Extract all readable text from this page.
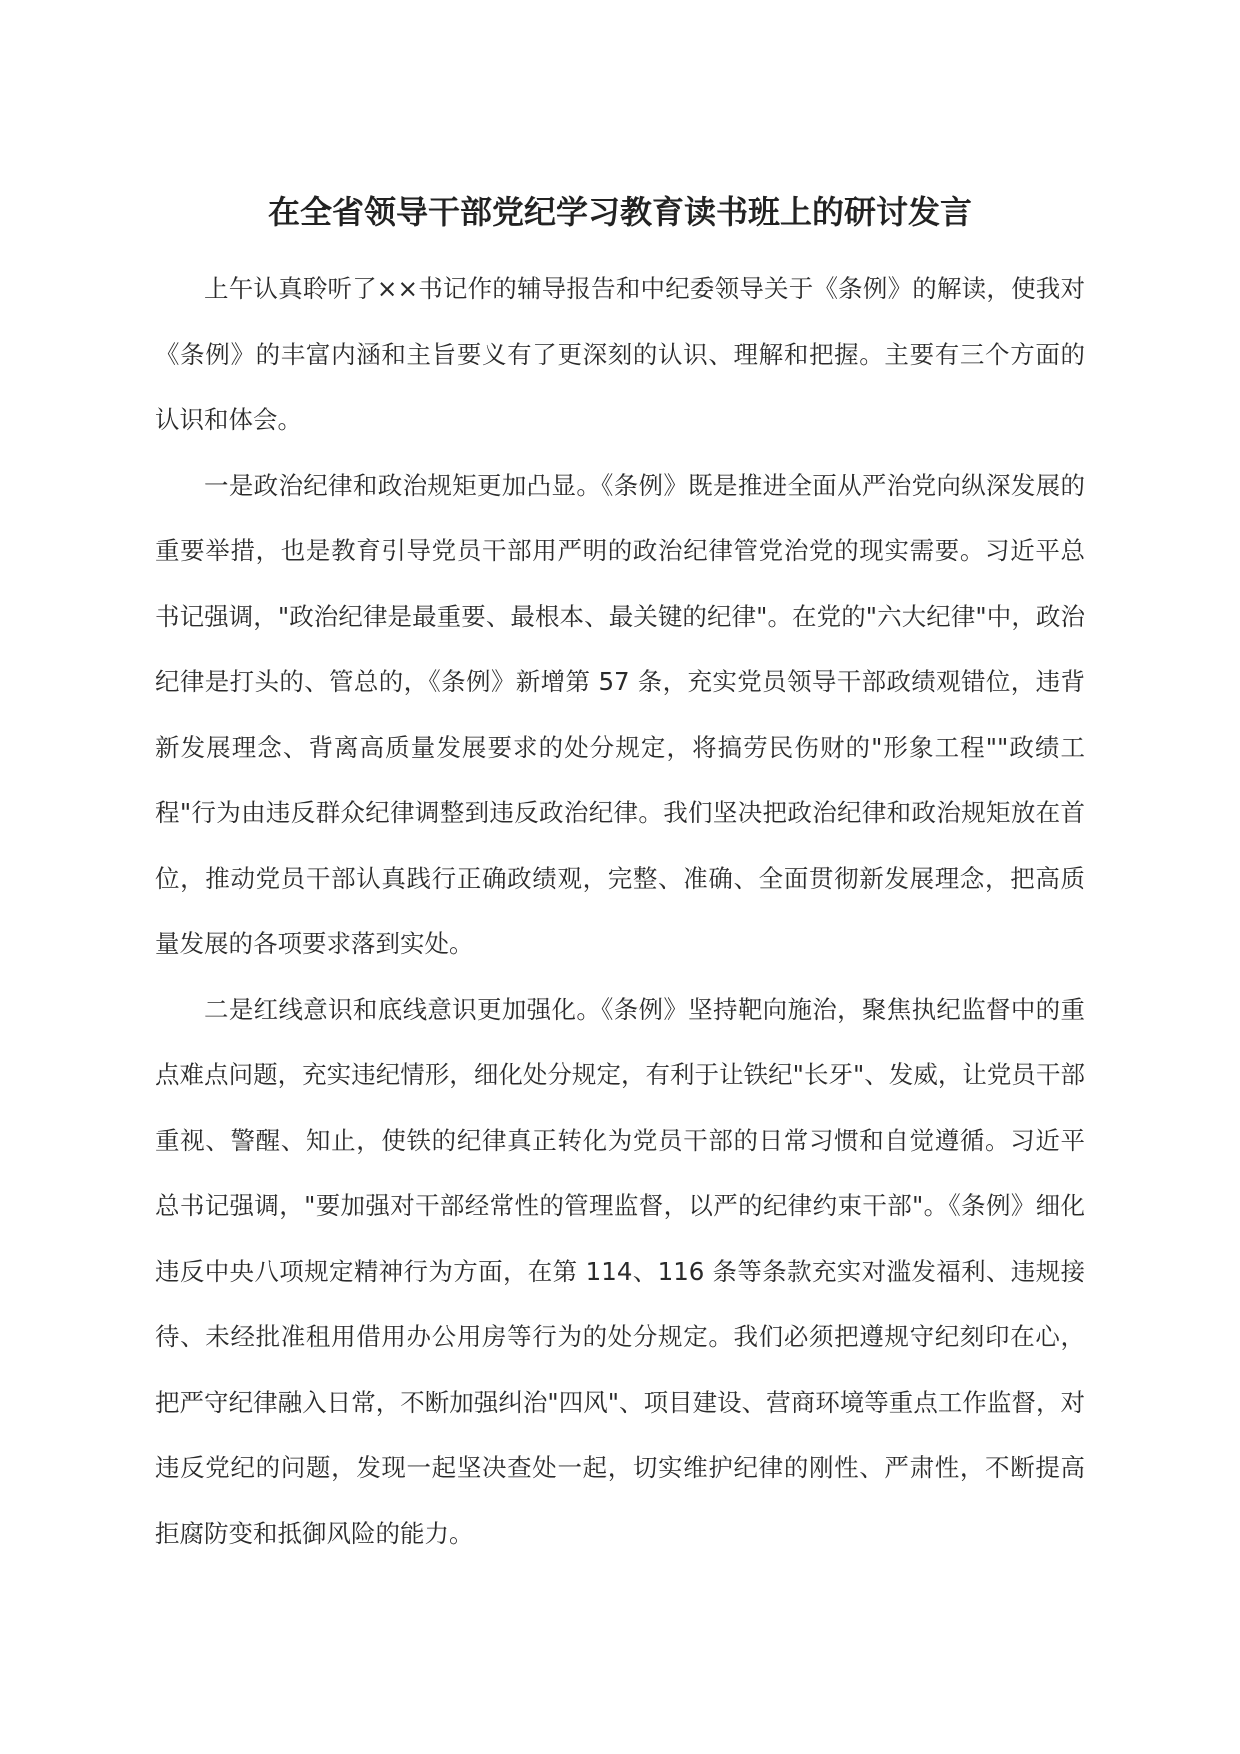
在全省领导干部党纪学习教育读书班上的研讨发言

上午认真聆听了××书记作的辅导报告和中纪委领导关于《条例》的解读，使我对《条例》的丰富内涵和主旨要义有了更深刻的认识、理解和把握。主要有三个方面的认识和体会。

一是政治纪律和政治规矩更加凸显。《条例》既是推进全面从严治党向纵深发展的重要举措，也是教育引导党员干部用严明的政治纪律管党治党的现实需要。习近平总书记强调，"政治纪律是最重要、最根本、最关键的纪律"。在党的"六大纪律"中，政治纪律是打头的、管总的，《条例》新增第 57 条，充实党员领导干部政绩观错位，违背新发展理念、背离高质量发展要求的处分规定，将搞劳民伤财的"形象工程""政绩工程"行为由违反群众纪律调整到违反政治纪律。我们坚决把政治纪律和政治规矩放在首位，推动党员干部认真践行正确政绩观，完整、准确、全面贯彻新发展理念，把高质量发展的各项要求落到实处。

二是红线意识和底线意识更加强化。《条例》坚持靶向施治，聚焦执纪监督中的重点难点问题，充实违纪情形，细化处分规定，有利于让铁纪"长牙"、发威，让党员干部重视、警醒、知止，使铁的纪律真正转化为党员干部的日常习惯和自觉遵循。习近平总书记强调，"要加强对干部经常性的管理监督，以严的纪律约束干部"。《条例》细化违反中央八项规定精神行为方面，在第 114、116 条等条款充实对滥发福利、违规接待、未经批准租用借用办公用房等行为的处分规定。我们必须把遵规守纪刻印在心，把严守纪律融入日常，不断加强纠治"四风"、项目建设、营商环境等重点工作监督，对违反党纪的问题，发现一起坚决查处一起，切实维护纪律的刚性、严肃性，不断提高拒腐防变和抵御风险的能力。
